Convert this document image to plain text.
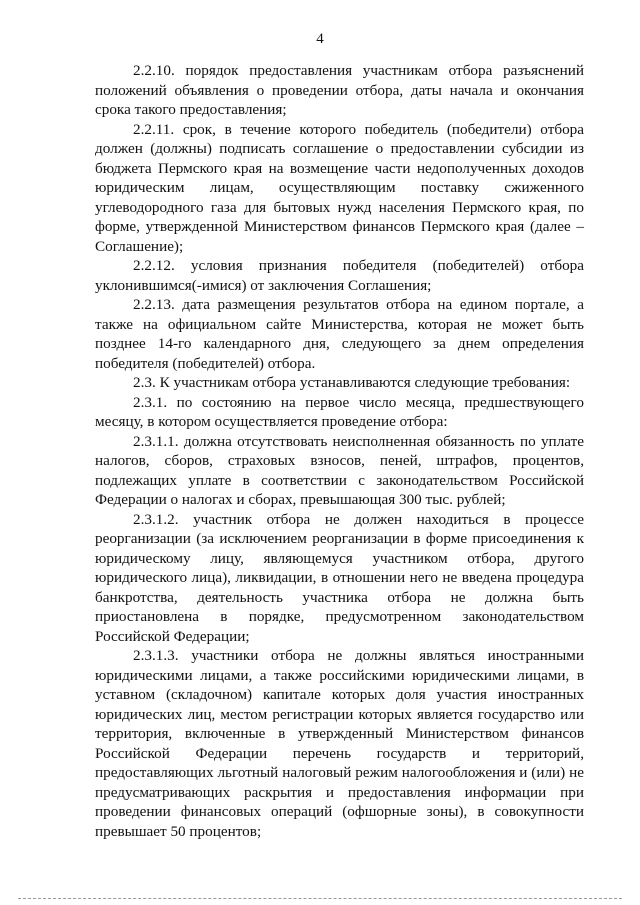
4

2.2.10. порядок предоставления участникам отбора разъяснений положений объявления о проведении отбора, даты начала и окончания срока такого предоставления;

2.2.11. срок, в течение которого победитель (победители) отбора должен (должны) подписать соглашение о предоставлении субсидии из бюджета Пермского края на возмещение части недополученных доходов юридическим лицам, осуществляющим поставку сжиженного углеводородного газа для бытовых нужд населения Пермского края, по форме, утвержденной Министерством финансов Пермского края (далее – Соглашение);

2.2.12. условия признания победителя (победителей) отбора уклонившимся(-имися) от заключения Соглашения;

2.2.13. дата размещения результатов отбора на едином портале, а также на официальном сайте Министерства, которая не может быть позднее 14-го календарного дня, следующего за днем определения победителя (победителей) отбора.

2.3. К участникам отбора устанавливаются следующие требования:

2.3.1. по состоянию на первое число месяца, предшествующего месяцу, в котором осуществляется проведение отбора:

2.3.1.1. должна отсутствовать неисполненная обязанность по уплате налогов, сборов, страховых взносов, пеней, штрафов, процентов, подлежащих уплате в соответствии с законодательством Российской Федерации о налогах и сборах, превышающая 300 тыс. рублей;

2.3.1.2. участник отбора не должен находиться в процессе реорганизации (за исключением реорганизации в форме присоединения к юридическому лицу, являющемуся участником отбора, другого юридического лица), ликвидации, в отношении него не введена процедура банкротства, деятельность участника отбора не должна быть приостановлена в порядке, предусмотренном законодательством Российской Федерации;

2.3.1.3. участники отбора не должны являться иностранными юридическими лицами, а также российскими юридическими лицами, в уставном (складочном) капитале которых доля участия иностранных юридических лиц, местом регистрации которых является государство или территория, включенные в утвержденный Министерством финансов Российской Федерации перечень государств и территорий, предоставляющих льготный налоговый режим налогообложения и (или) не предусматривающих раскрытия и предоставления информации при проведении финансовых операций (офшорные зоны), в совокупности превышает 50 процентов;
